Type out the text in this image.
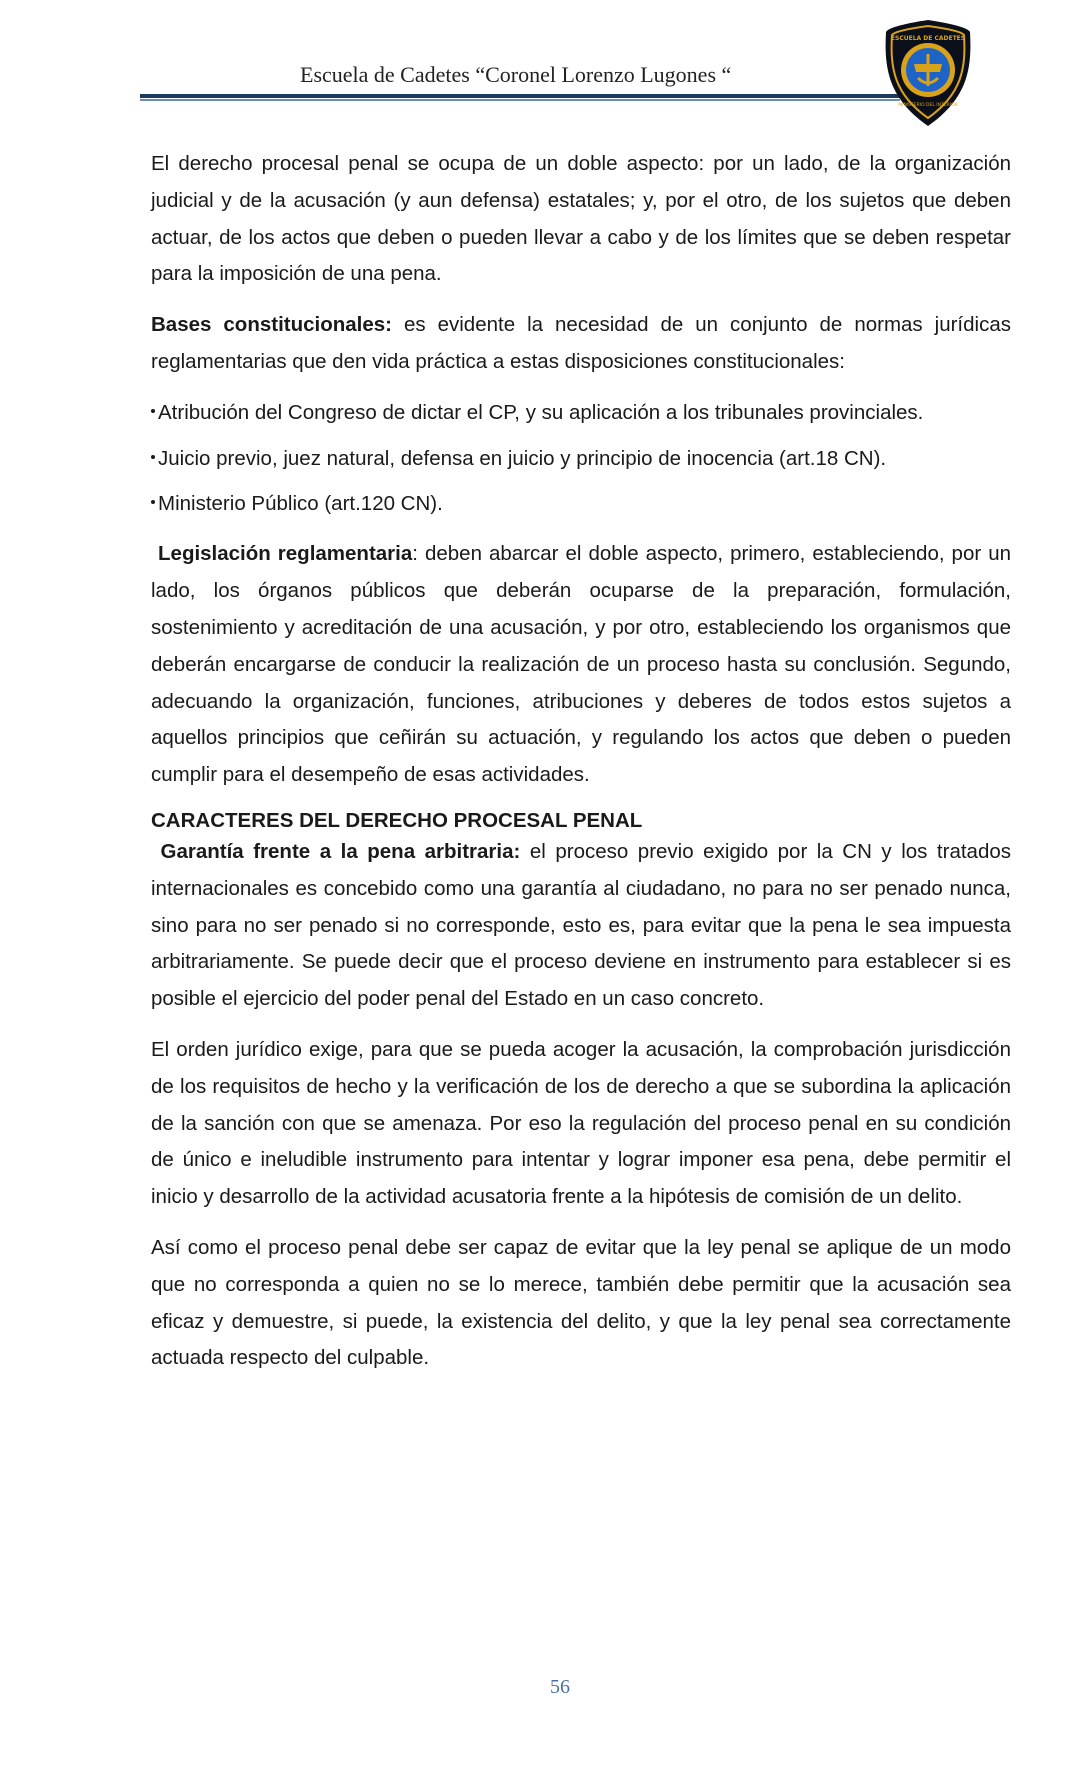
Escuela de Cadetes “Coronel Lorenzo Lugones “
ESCUELA DE CADETES
MINISTERIO DEL INTERIOR

El derecho procesal penal se ocupa de un doble aspecto: por un lado, de la organización judicial y de la acusación (y aun defensa) estatales; y, por el otro, de los sujetos que deben actuar, de los actos que deben o pueden llevar a cabo y de los límites que se deben respetar para la imposición de una pena.

Bases constitucionales: es evidente la necesidad de un conjunto de normas jurídicas reglamentarias que den vida práctica a estas disposiciones constitucionales:

Atribución del Congreso de dictar el CP, y su aplicación a los tribunales provinciales.

Juicio previo, juez natural, defensa en juicio y principio de inocencia (art.18 CN).

Ministerio Público (art.120 CN).

Legislación reglamentaria: deben abarcar el doble aspecto, primero, estableciendo, por un lado, los órganos públicos que deberán ocuparse de la preparación, formulación, sostenimiento y acreditación de una acusación, y por otro, estableciendo los organismos que deberán encargarse de conducir la realización de un proceso hasta su conclusión. Segundo, adecuando la organización, funciones, atribuciones y deberes de todos estos sujetos a aquellos principios que ceñirán su actuación, y regulando los actos que deben o pueden cumplir para el desempeño de esas actividades.

CARACTERES DEL DERECHO PROCESAL PENAL

Garantía frente a la pena arbitraria: el proceso previo exigido por la CN y los tratados internacionales es concebido como una garantía al ciudadano, no para no ser penado nunca, sino para no ser penado si no corresponde, esto es, para evitar que la pena le sea impuesta arbitrariamente. Se puede decir que el proceso deviene en instrumento para establecer si es posible el ejercicio del poder penal del Estado en un caso concreto.

El orden jurídico exige, para que se pueda acoger la acusación, la comprobación jurisdicción de los requisitos de hecho y la verificación de los de derecho a que se subordina la aplicación de la sanción con que se amenaza. Por eso la regulación del proceso penal en su condición de único e ineludible instrumento para intentar y lograr imponer esa pena, debe permitir el inicio y desarrollo de la actividad acusatoria frente a la hipótesis de comisión de un delito.

Así como el proceso penal debe ser capaz de evitar que la ley penal se aplique de un modo que no corresponda a quien no se lo merece, también debe permitir que la acusación sea eficaz y demuestre, si puede, la existencia del delito, y que la ley penal sea correctamente actuada respecto del culpable.

56
